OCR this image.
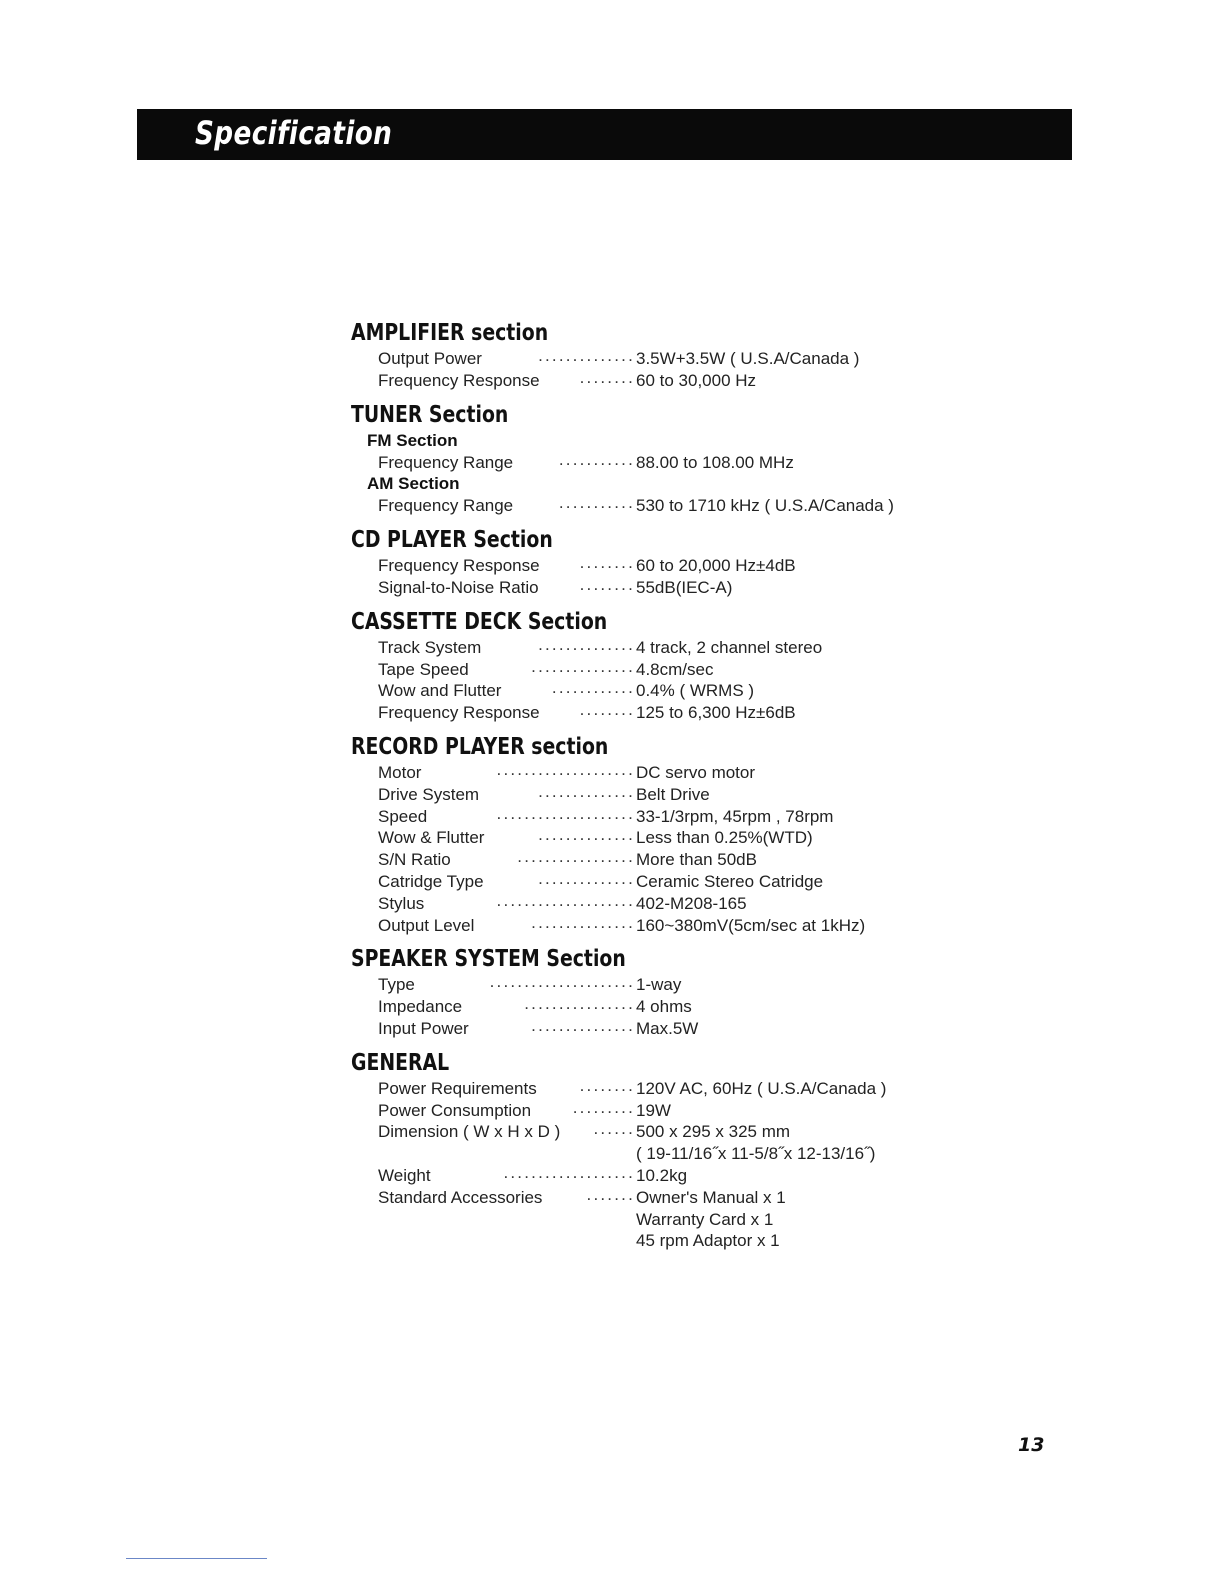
Specification
AMPLIFIER section
Output Power	.............. 3.5W+3.5W ( U.S.A/Canada )
Frequency Response ........ 60 to 30,000 Hz
TUNER Section
FM Section
Frequency Range	........... 88.00 to 108.00 MHz
AM Section
Frequency Range	........... 530 to 1710 kHz ( U.S.A/Canada )
CD PLAYER Section
Frequency Response ........ 60 to 20,000 Hz±4dB
Signal-to-Noise Ratio ........ 55dB(IEC-A)
CASSETTE DECK Section
Track System	.............. 4 track, 2 channel stereo
Tape Speed	............... 4.8cm/sec
Wow and Flutter	............ 0.4% ( WRMS )
Frequency Response ........ 125 to 6,300 Hz±6dB
RECORD PLAYER section
Motor	.................... DC servo motor
Drive System	.............. Belt Drive
Speed	.................... 33-1/3rpm, 45rpm , 78rpm
Wow & Flutter	.............. Less than 0.25%(WTD)
S/N Ratio	................. More than 50dB
Catridge Type	.............. Ceramic Stereo Catridge
Stylus	.................... 402-M208-165
Output Level	............... 160~380mV(5cm/sec at 1kHz)
SPEAKER SYSTEM Section
Type	..................... 1-way
Impedance	................ 4 ohms
Input Power	............... Max.5W
GENERAL
Power Requirements	........ 120V AC, 60Hz ( U.S.A/Canada )
Power Consumption ......... 19W
Dimension ( W x H x D ) ...... 500 x 295 x 325 mm
( 19-11/16˝x 11-5/8˝x 12-13/16˝)
Weight	................... 10.2kg
Standard Accessories	....... Owner's Manual x 1
Warranty Card x 1
45 rpm Adaptor x 1
13
